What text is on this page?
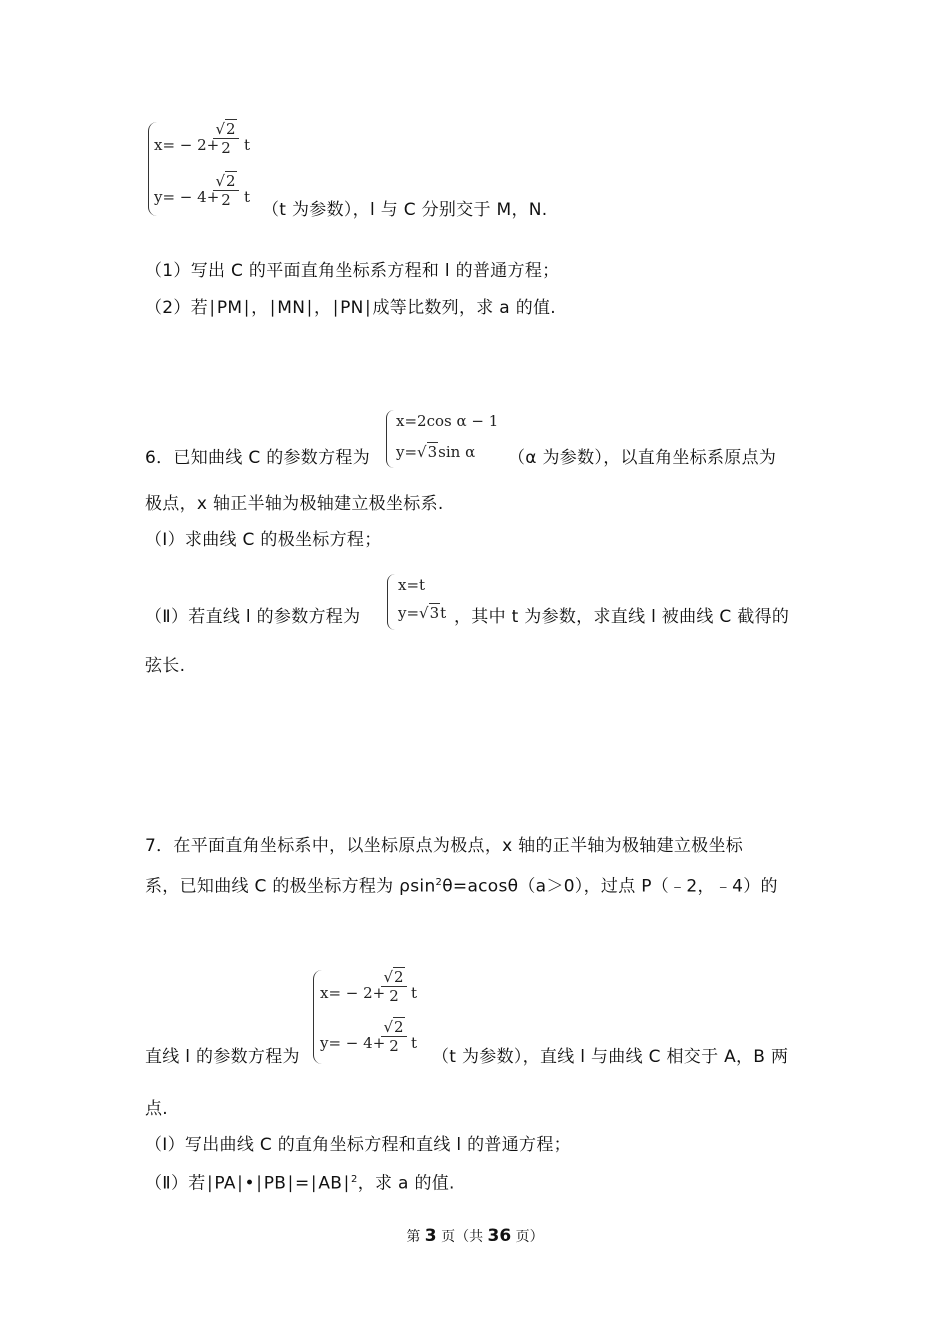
x= − 2+
$\frac{√2}{2}$ t
y= − 4+
$\frac{√2}{2}$ t
（t 为参数），l 与 C 分别交于 M，N.
（1）写出 C 的平面直角坐标系方程和 l 的普通方程；
（2）若∣PM∣，∣MN∣，∣PN∣成等比数列，求 a 的值.
6．已知曲线 C 的参数方程为
x=2cos α − 1
y=√3sin α （α 为参数），以直角坐标系原点为
极点，x 轴正半轴为极轴建立极坐标系.
（Ⅰ）求曲线 C 的极坐标方程；
（Ⅱ）若直线 l 的参数方程为
x=t
y=√3t ，其中 t 为参数，求直线 l 被曲线 C 截得的
弦长.
7．在平面直角坐标系中，以坐标原点为极点，x 轴的正半轴为极轴建立极坐标
系，已知曲线 C 的极坐标方程为 ρsin$^2$θ=acosθ（a＞0），过点 P（﹣2，﹣4）的
直线 l 的参数方程为
x= − 2+
$\frac{√2}{2}$ t
y= − 4+
$\frac{√2}{2}$ t
（t 为参数），直线 l 与曲线 C 相交于 A，B 两
点.
（Ⅰ）写出曲线 C 的直角坐标方程和直线 l 的普通方程；
（Ⅱ）若∣PA∣•∣PB∣=∣AB∣$^2$，求 a 的值.
第 3 页（共 36 页）
